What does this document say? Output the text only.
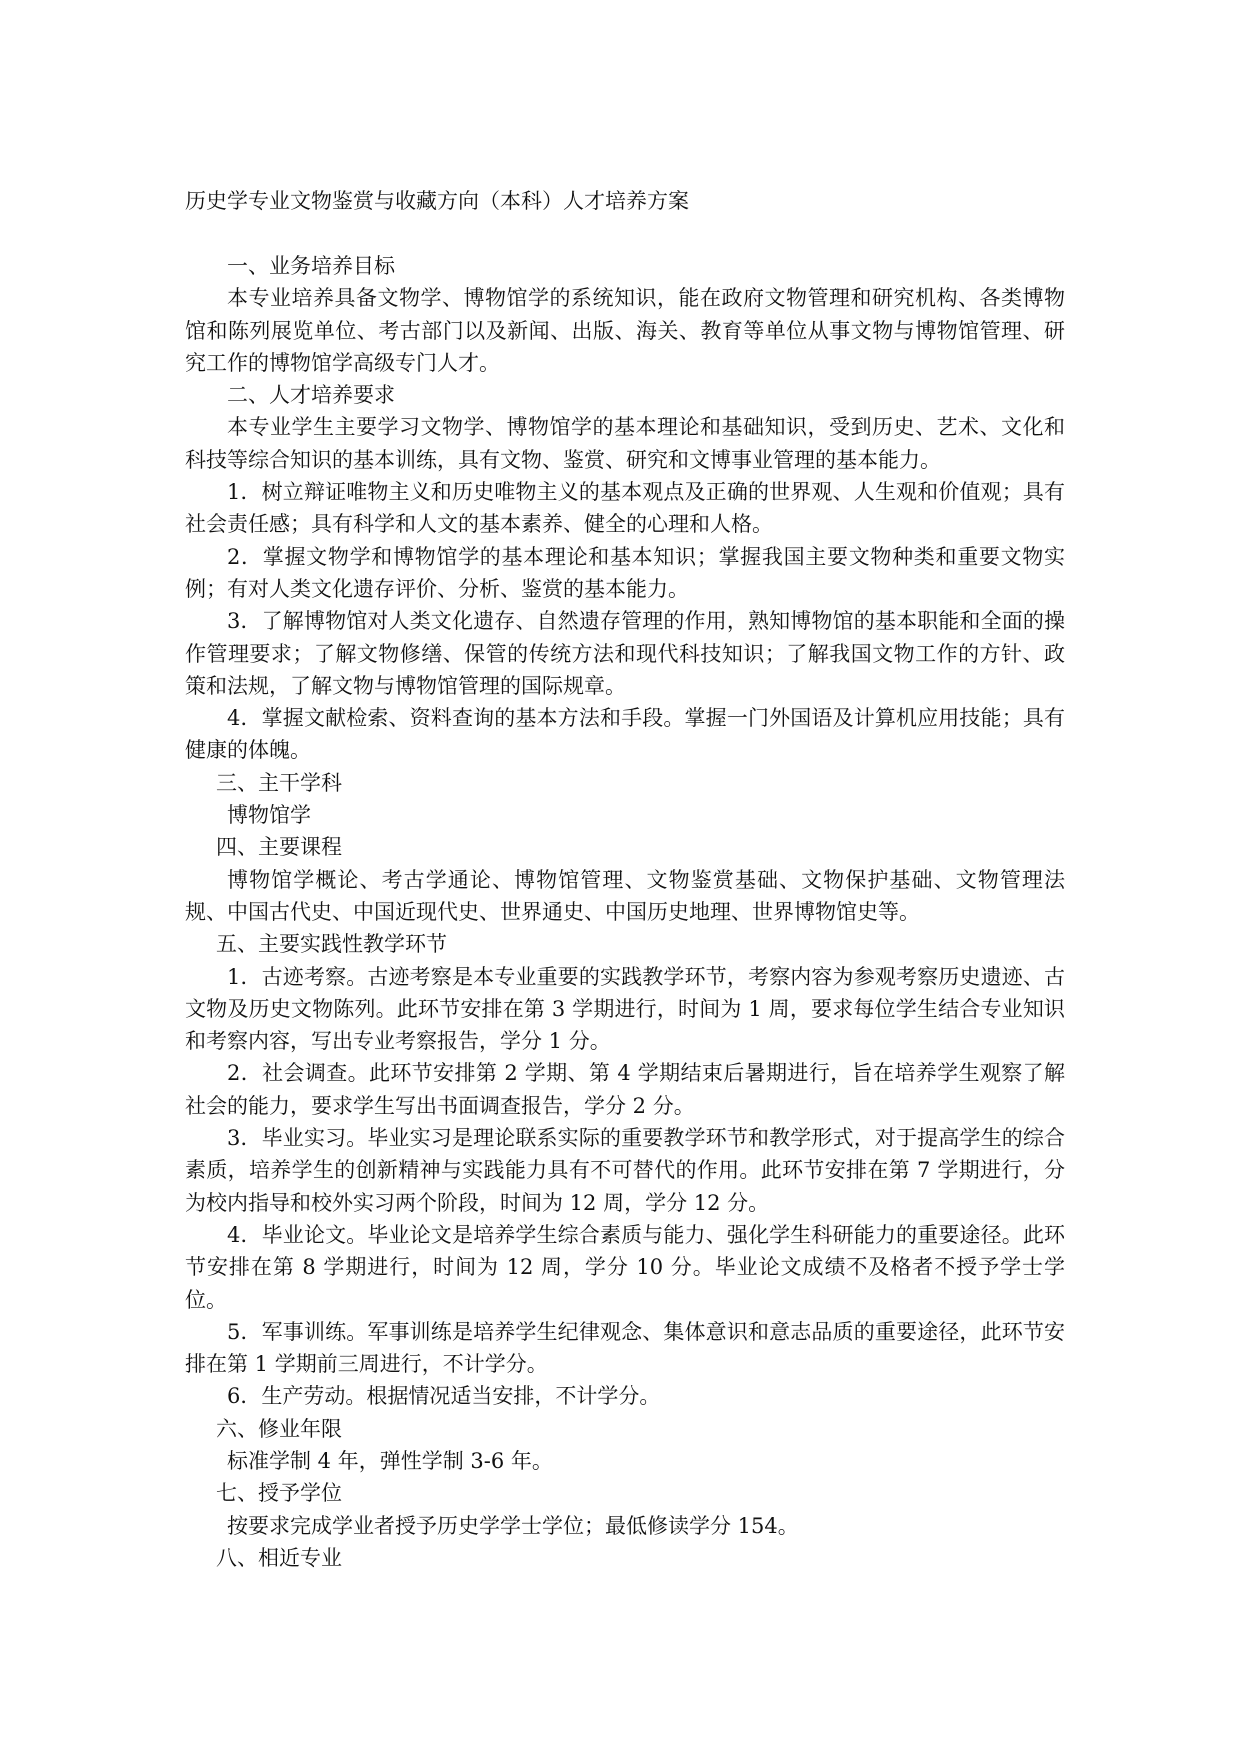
历史学专业文物鉴赏与收藏方向（本科）人才培养方案

一、业务培养目标

本专业培养具备文物学、博物馆学的系统知识，能在政府文物管理和研究机构、各类博物馆和陈列展览单位、考古部门以及新闻、出版、海关、教育等单位从事文物与博物馆管理、研究工作的博物馆学高级专门人才。

二、人才培养要求

本专业学生主要学习文物学、博物馆学的基本理论和基础知识，受到历史、艺术、文化和科技等综合知识的基本训练，具有文物、鉴赏、研究和文博事业管理的基本能力。

1．树立辩证唯物主义和历史唯物主义的基本观点及正确的世界观、人生观和价值观；具有社会责任感；具有科学和人文的基本素养、健全的心理和人格。

2．掌握文物学和博物馆学的基本理论和基本知识；掌握我国主要文物种类和重要文物实例；有对人类文化遗存评价、分析、鉴赏的基本能力。

3．了解博物馆对人类文化遗存、自然遗存管理的作用，熟知博物馆的基本职能和全面的操作管理要求；了解文物修缮、保管的传统方法和现代科技知识；了解我国文物工作的方针、政策和法规，了解文物与博物馆管理的国际规章。

4．掌握文献检索、资料查询的基本方法和手段。掌握一门外国语及计算机应用技能；具有健康的体魄。

三、主干学科

博物馆学

四、主要课程

博物馆学概论、考古学通论、博物馆管理、文物鉴赏基础、文物保护基础、文物管理法规、中国古代史、中国近现代史、世界通史、中国历史地理、世界博物馆史等。

五、主要实践性教学环节

1．古迹考察。古迹考察是本专业重要的实践教学环节，考察内容为参观考察历史遗迹、古文物及历史文物陈列。此环节安排在第 3 学期进行，时间为 1 周，要求每位学生结合专业知识和考察内容，写出专业考察报告，学分 1 分。

2．社会调查。此环节安排第 2 学期、第 4 学期结束后暑期进行，旨在培养学生观察了解社会的能力，要求学生写出书面调查报告，学分 2 分。

3．毕业实习。毕业实习是理论联系实际的重要教学环节和教学形式，对于提高学生的综合素质，培养学生的创新精神与实践能力具有不可替代的作用。此环节安排在第 7 学期进行，分为校内指导和校外实习两个阶段，时间为 12 周，学分 12 分。

4．毕业论文。毕业论文是培养学生综合素质与能力、强化学生科研能力的重要途径。此环节安排在第 8 学期进行，时间为 12 周，学分 10 分。毕业论文成绩不及格者不授予学士学位。

5．军事训练。军事训练是培养学生纪律观念、集体意识和意志品质的重要途径，此环节安排在第 1 学期前三周进行，不计学分。

6．生产劳动。根据情况适当安排，不计学分。

六、修业年限

标准学制 4 年，弹性学制 3-6 年。

七、授予学位

按要求完成学业者授予历史学学士学位；最低修读学分 154。

八、相近专业
